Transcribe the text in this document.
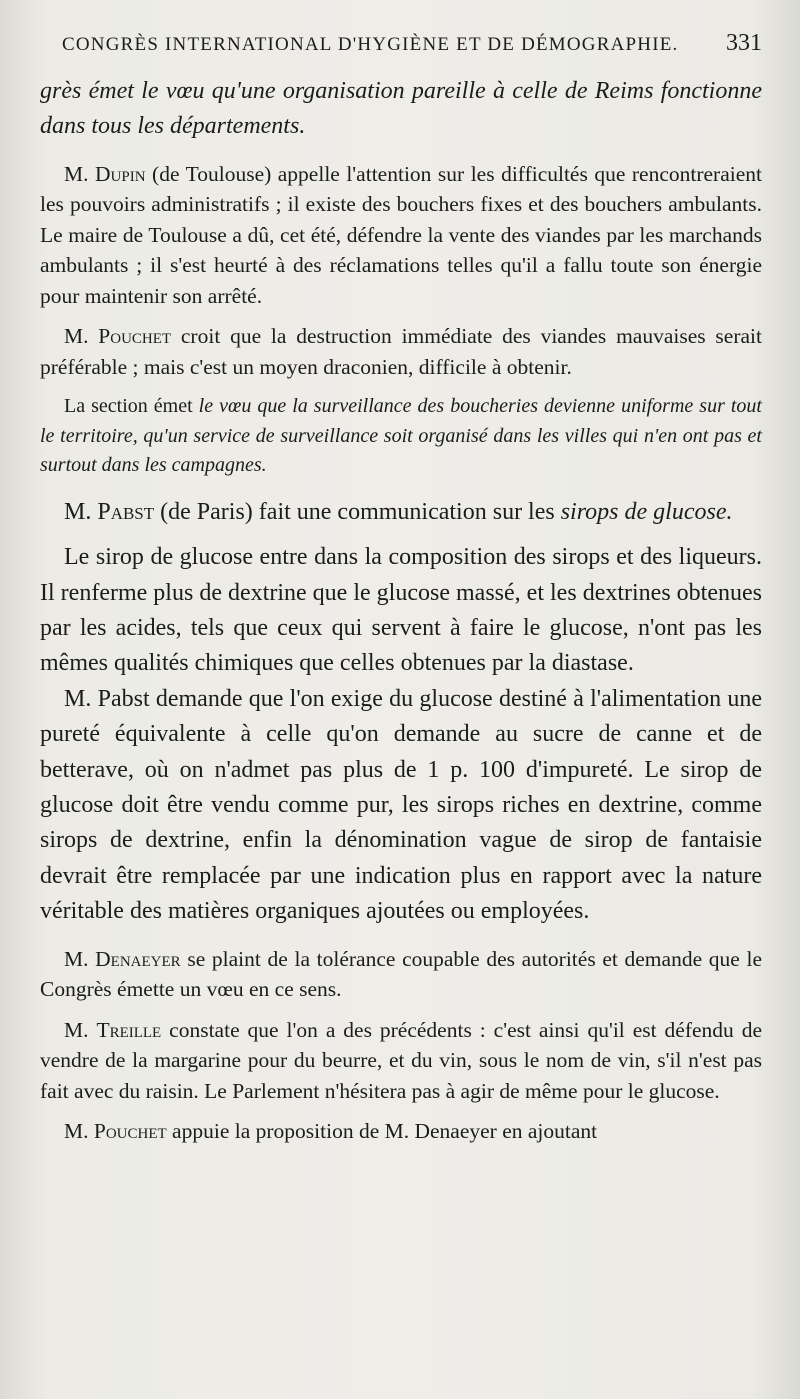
CONGRÈS INTERNATIONAL D'HYGIÈNE ET DE DÉMOGRAPHIE. 331

grès émet le vœu qu'une organisation pareille à celle de Reims fonctionne dans tous les départements.

M. Dupin (de Toulouse) appelle l'attention sur les difficultés que rencontreraient les pouvoirs administratifs ; il existe des bouchers fixes et des bouchers ambulants. Le maire de Toulouse a dû, cet été, défendre la vente des viandes par les marchands ambulants ; il s'est heurté à des réclamations telles qu'il a fallu toute son énergie pour maintenir son arrêté.

M. Pouchet croit que la destruction immédiate des viandes mauvaises serait préférable ; mais c'est un moyen draconien, difficile à obtenir.

La section émet le vœu que la surveillance des boucheries devienne uniforme sur tout le territoire, qu'un service de surveillance soit organisé dans les villes qui n'en ont pas et surtout dans les campagnes.

M. Pabst (de Paris) fait une communication sur les sirops de glucose.

Le sirop de glucose entre dans la composition des sirops et des liqueurs. Il renferme plus de dextrine que le glucose massé, et les dextrines obtenues par les acides, tels que ceux qui servent à faire le glucose, n'ont pas les mêmes qualités chimiques que celles obtenues par la diastase.

M. Pabst demande que l'on exige du glucose destiné à l'alimentation une pureté équivalente à celle qu'on demande au sucre de canne et de betterave, où on n'admet pas plus de 1 p. 100 d'impureté. Le sirop de glucose doit être vendu comme pur, les sirops riches en dextrine, comme sirops de dextrine, enfin la dénomination vague de sirop de fantaisie devrait être remplacée par une indication plus en rapport avec la nature véritable des matières organiques ajoutées ou employées.

M. Denaeyer se plaint de la tolérance coupable des autorités et demande que le Congrès émette un vœu en ce sens.

M. Treille constate que l'on a des précédents : c'est ainsi qu'il est défendu de vendre de la margarine pour du beurre, et du vin, sous le nom de vin, s'il n'est pas fait avec du raisin. Le Parlement n'hésitera pas à agir de même pour le glucose.

M. Pouchet appuie la proposition de M. Denaeyer en ajoutant
